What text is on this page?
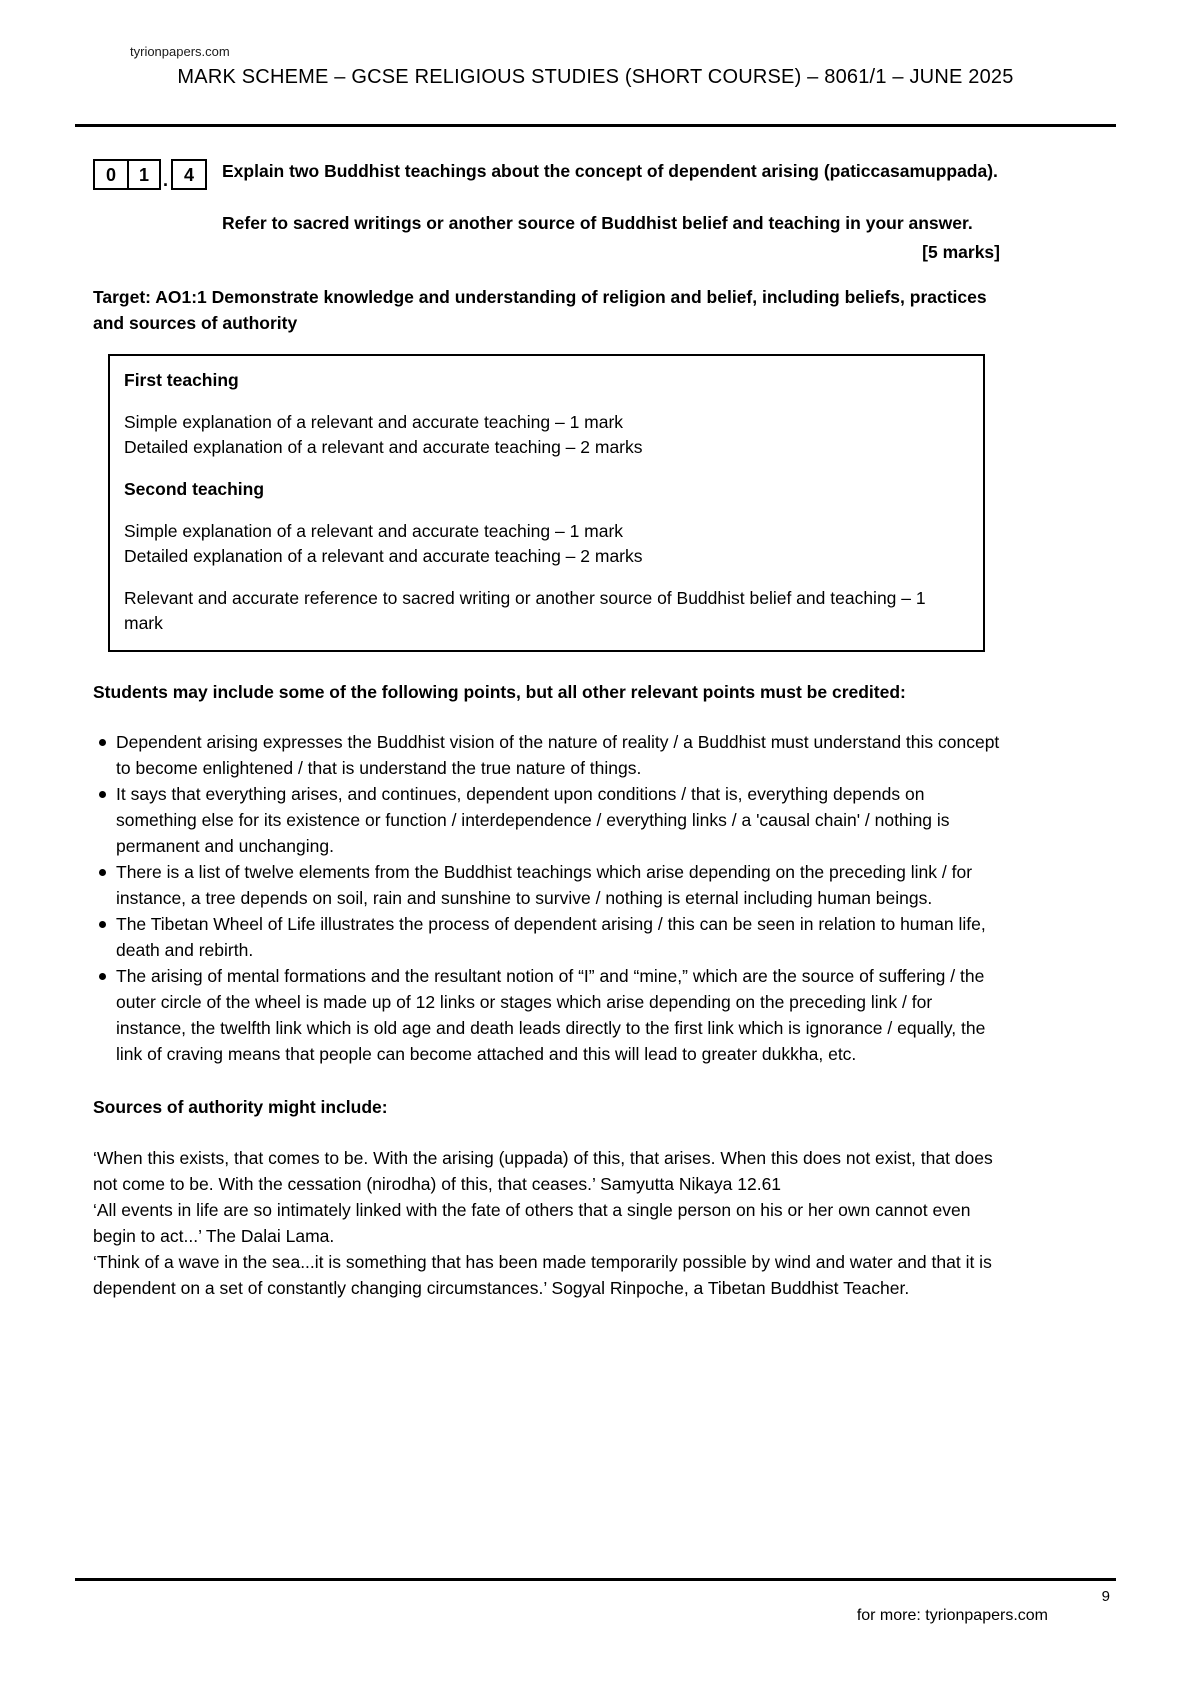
tyrionpapers.com
MARK SCHEME – GCSE RELIGIOUS STUDIES (SHORT COURSE) – 8061/1 – JUNE 2025
0	1 . 4	Explain two Buddhist teachings about the concept of dependent arising (paticcasamuppada).

Refer to sacred writings or another source of Buddhist belief and teaching in your answer.

[5 marks]

Target: AO1:1 Demonstrate knowledge and understanding of religion and belief, including beliefs, practices and sources of authority

First teaching

Simple explanation of a relevant and accurate teaching – 1 mark

Detailed explanation of a relevant and accurate teaching – 2 marks

Second teaching

Simple explanation of a relevant and accurate teaching – 1 mark

Detailed explanation of a relevant and accurate teaching – 2 marks

Relevant and accurate reference to sacred writing or another source of Buddhist belief and teaching – 1 mark

Students may include some of the following points, but all other relevant points must be credited:

Dependent arising expresses the Buddhist vision of the nature of reality / a Buddhist must understand this concept to become enlightened / that is understand the true nature of things.
It says that everything arises, and continues, dependent upon conditions / that is, everything depends on something else for its existence or function / interdependence / everything links / a 'causal chain' / nothing is permanent and unchanging.
There is a list of twelve elements from the Buddhist teachings which arise depending on the preceding link / for instance, a tree depends on soil, rain and sunshine to survive / nothing is eternal including human beings.
The Tibetan Wheel of Life illustrates the process of dependent arising / this can be seen in relation to human life, death and rebirth.
The arising of mental formations and the resultant notion of “I” and “mine,” which are the source of suffering / the outer circle of the wheel is made up of 12 links or stages which arise depending on the preceding link / for instance, the twelfth link which is old age and death leads directly to the first link which is ignorance / equally, the link of craving means that people can become attached and this will lead to greater dukkha, etc.

Sources of authority might include:

‘When this exists, that comes to be. With the arising (uppada) of this, that arises. When this does not exist, that does not come to be. With the cessation (nirodha) of this, that ceases.’ Samyutta Nikaya 12.61

‘All events in life are so intimately linked with the fate of others that a single person on his or her own cannot even begin to act...’ The Dalai Lama.

‘Think of a wave in the sea...it is something that has been made temporarily possible by wind and water and that it is dependent on a set of constantly changing circumstances.’ Sogyal Rinpoche, a Tibetan Buddhist Teacher.

9
for more: tyrionpapers.com
